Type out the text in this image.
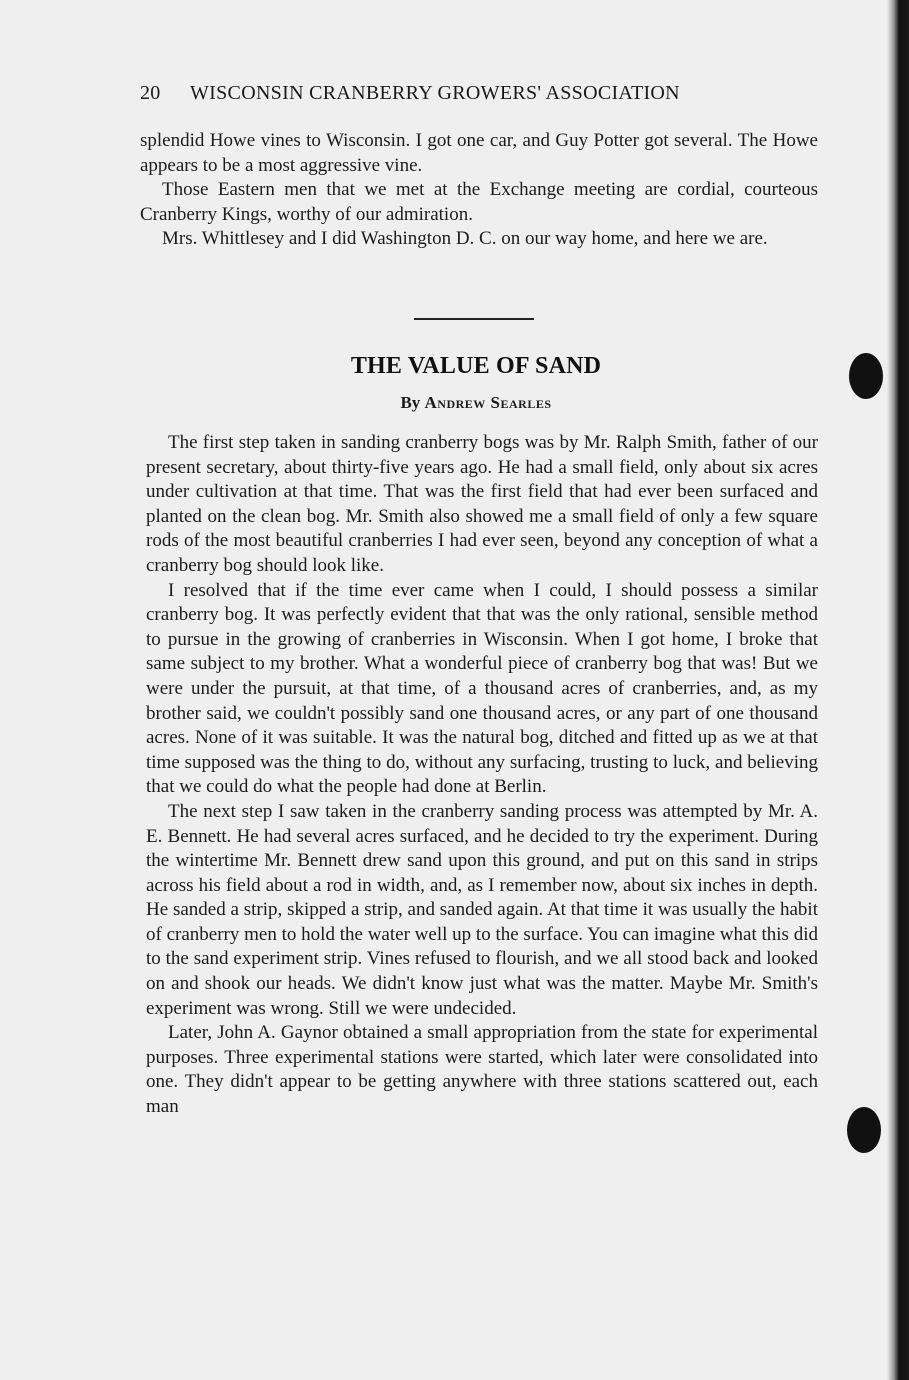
20 WISCONSIN CRANBERRY GROWERS' ASSOCIATION

splendid Howe vines to Wisconsin. I got one car, and Guy Potter got several. The Howe appears to be a most aggressive vine.

Those Eastern men that we met at the Exchange meeting are cordial, courteous Cranberry Kings, worthy of our admiration.

Mrs. Whittlesey and I did Washington D. C. on our way home, and here we are.

THE VALUE OF SAND
By Andrew Searles

The first step taken in sanding cranberry bogs was by Mr. Ralph Smith, father of our present secretary, about thirty-five years ago. He had a small field, only about six acres under cultivation at that time. That was the first field that had ever been surfaced and planted on the clean bog. Mr. Smith also showed me a small field of only a few square rods of the most beautiful cranberries I had ever seen, beyond any conception of what a cranberry bog should look like.

I resolved that if the time ever came when I could, I should possess a similar cranberry bog. It was perfectly evident that that was the only rational, sensible method to pursue in the growing of cranberries in Wisconsin. When I got home, I broke that same subject to my brother. What a wonderful piece of cranberry bog that was! But we were under the pursuit, at that time, of a thousand acres of cranberries, and, as my brother said, we couldn't possibly sand one thousand acres, or any part of one thousand acres. None of it was suitable. It was the natural bog, ditched and fitted up as we at that time supposed was the thing to do, without any surfacing, trusting to luck, and believing that we could do what the people had done at Berlin.

The next step I saw taken in the cranberry sanding process was attempted by Mr. A. E. Bennett. He had several acres surfaced, and he decided to try the experiment. During the wintertime Mr. Bennett drew sand upon this ground, and put on this sand in strips across his field about a rod in width, and, as I remember now, about six inches in depth. He sanded a strip, skipped a strip, and sanded again. At that time it was usually the habit of cranberry men to hold the water well up to the surface. You can imagine what this did to the sand experiment strip. Vines refused to flourish, and we all stood back and looked on and shook our heads. We didn't know just what was the matter. Maybe Mr. Smith's experiment was wrong. Still we were undecided.

Later, John A. Gaynor obtained a small appropriation from the state for experimental purposes. Three experimental stations were started, which later were consolidated into one. They didn't appear to be getting anywhere with three stations scattered out, each man
